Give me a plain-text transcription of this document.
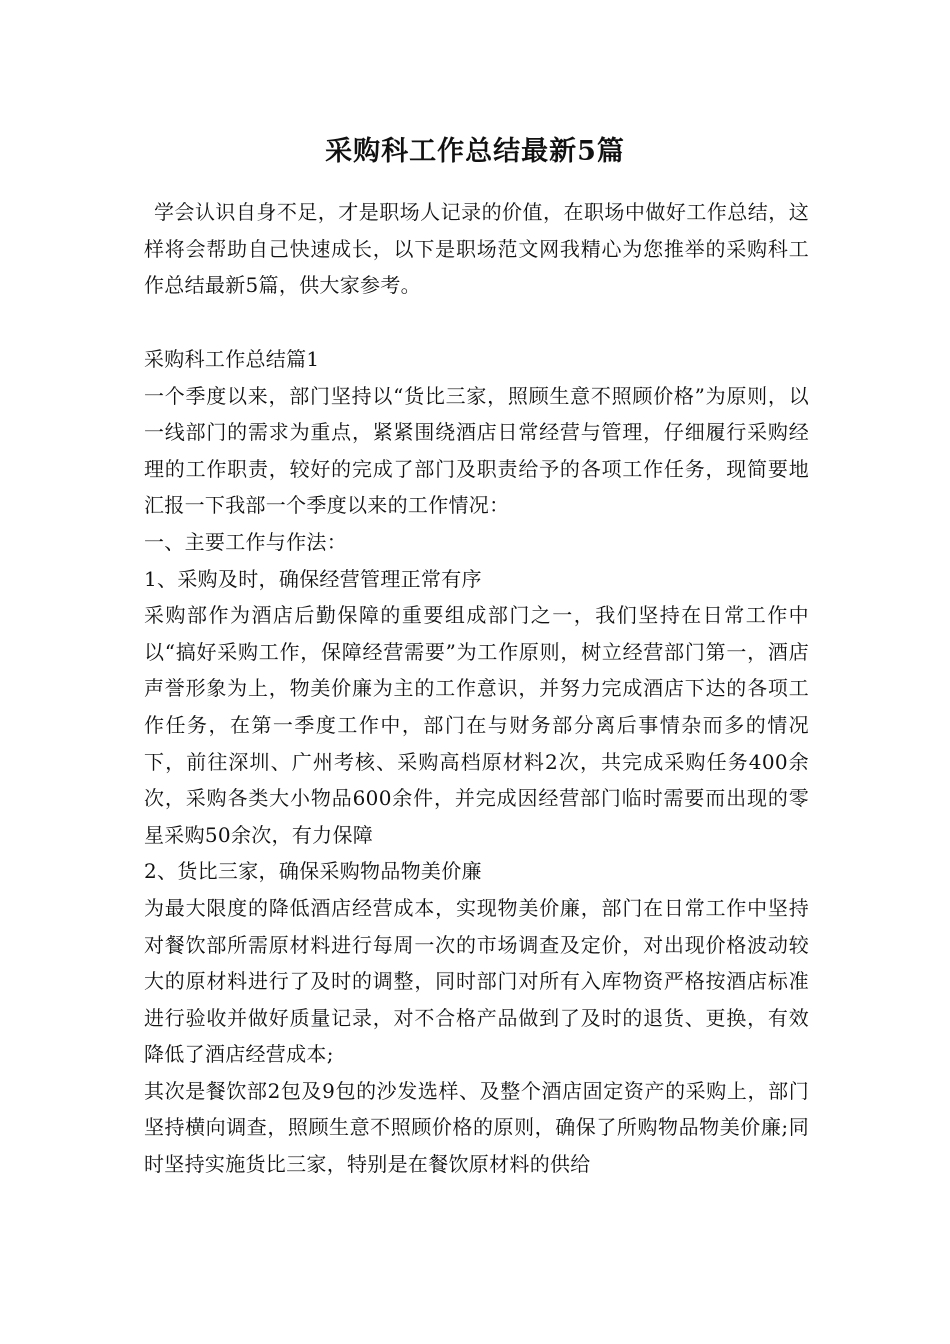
采购科工作总结最新5篇

学会认识自身不足，才是职场人记录的价值，在职场中做好工作总结，这样将会帮助自己快速成长，以下是职场范文网我精心为您推举的采购科工作总结最新5篇，供大家参考。

采购科工作总结篇1

一个季度以来，部门坚持以“货比三家，照顾生意不照顾价格”为原则，以一线部门的需求为重点，紧紧围绕酒店日常经营与管理，仔细履行采购经理的工作职责，较好的完成了部门及职责给予的各项工作任务，现简要地汇报一下我部一个季度以来的工作情况：

一、主要工作与作法：

1、采购及时，确保经营管理正常有序

采购部作为酒店后勤保障的重要组成部门之一，我们坚持在日常工作中以“搞好采购工作，保障经营需要”为工作原则，树立经营部门第一，酒店声誉形象为上，物美价廉为主的工作意识，并努力完成酒店下达的各项工作任务，在第一季度工作中，部门在与财务部分离后事情杂而多的情况下，前往深圳、广州考核、采购高档原材料2次，共完成采购任务400余次，采购各类大小物品600余件，并完成因经营部门临时需要而出现的零星采购50余次，有力保障

2、货比三家，确保采购物品物美价廉

为最大限度的降低酒店经营成本，实现物美价廉，部门在日常工作中坚持对餐饮部所需原材料进行每周一次的市场调查及定价，对出现价格波动较大的原材料进行了及时的调整，同时部门对所有入库物资严格按酒店标准进行验收并做好质量记录，对不合格产品做到了及时的退货、更换，有效降低了酒店经营成本;

其次是餐饮部2包及9包的沙发选样、及整个酒店固定资产的采购上，部门坚持横向调查，照顾生意不照顾价格的原则，确保了所购物品物美价廉;同时坚持实施货比三家，特别是在餐饮原材料的供给
